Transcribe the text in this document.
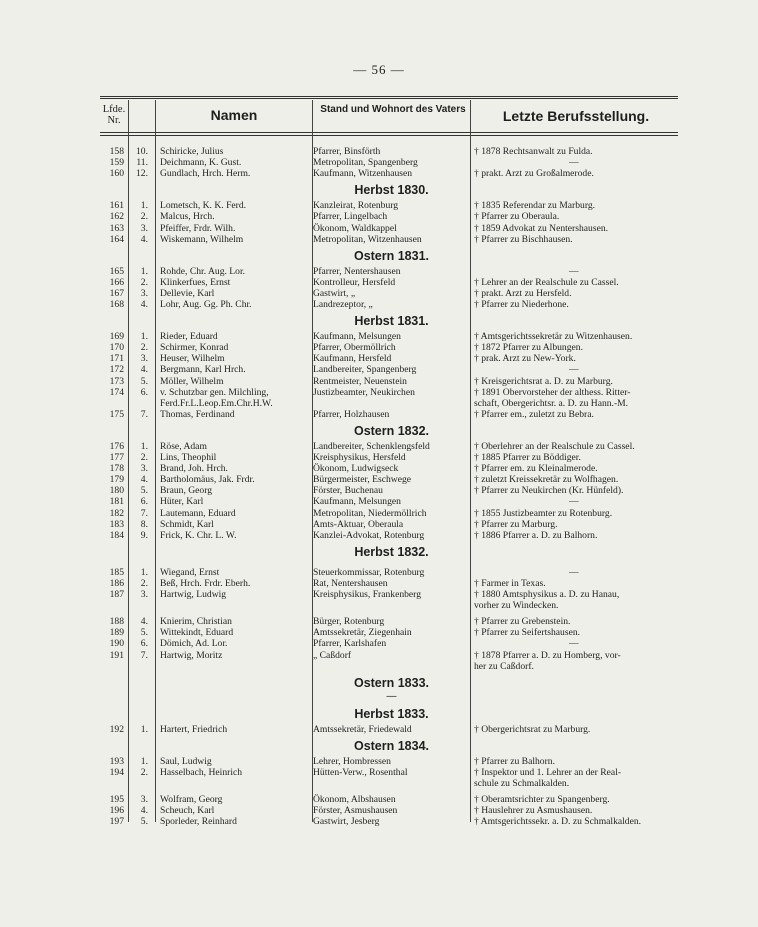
— 56 —
Lfde. Nr.	Namen	Stand und Wohnort des Vaters	Letzte Berufsstellung.
158	10. Schiricke, Julius	Pfarrer, Binsförth	† 1878 Rechtsanwalt zu Fulda.
159	11. Deichmann, K. Gust.	Metropolitan, Spangenberg	—
160	12. Gundlach, Hrch. Herm.	Kaufmann, Witzenhausen	† prakt. Arzt zu Großalmerode.
Herbst 1830.
161	1. Lometsch, K. K. Ferd.	Kanzleirat, Rotenburg	† 1835 Referendar zu Marburg.
162	2. Malcus, Hrch.	Pfarrer, Lingelbach	† Pfarrer zu Oberaula.
163	3. Pfeiffer, Frdr. Wilh.	Ökonom, Waldkappel	† 1859 Advokat zu Nentershausen.
164	4. Wiskemann, Wilhelm	Metropolitan, Witzenhausen	† Pfarrer zu Bischhausen.
Ostern 1831.
165	1. Rohde, Chr. Aug. Lor.	Pfarrer, Nentershausen	—
166	2. Klinkerfues, Ernst	Kontrolleur, Hersfeld	† Lehrer an der Realschule zu Cassel.
167	3. Dellevie, Karl	Gastwirt, „	† prakt. Arzt zu Hersfeld.
168	4. Lohr, Aug. Gg. Ph. Chr.	Landrezeptor, „	† Pfarrer zu Niederhone.
Herbst 1831.
169	1. Rieder, Eduard	Kaufmann, Melsungen	† Amtsgerichtssekretär zu Witzenhausen.
170	2. Schirmer, Konrad	Pfarrer, Obermöllrich	† 1872 Pfarrer zu Albungen.
171	3. Heuser, Wilhelm	Kaufmann, Hersfeld	† prak. Arzt zu New-York.
172	4. Bergmann, Karl Hrch.	Landbereiter, Spangenberg	—
173	5. Möller, Wilhelm	Rentmeister, Neuenstein	† Kreisgerichtsrat a. D. zu Marburg.
174	6. v. Schutzbar gen. Milchling,	Justizbeamter, Neukirchen	† 1891 Obervorsteher der althess. Ritter-
Ferd.Fr.L.Leop.Em.Chr.H.W.	schaft, Obergerichtsr. a. D. zu Hann.-M.
175	7. Thomas, Ferdinand	Pfarrer, Holzhausen	† Pfarrer em., zuletzt zu Bebra.
Ostern 1832.
176	1. Röse, Adam	Landbereiter, Schenklengsfeld	† Oberlehrer an der Realschule zu Cassel.
177	2. Lins, Theophil	Kreisphysikus, Hersfeld	† 1885 Pfarrer zu Böddiger.
178	3. Brand, Joh. Hrch.	Ökonom, Ludwigseck	† Pfarrer em. zu Kleinalmerode.
179	4. Bartholomäus, Jak. Frdr.	Bürgermeister, Eschwege	† zuletzt Kreissekretär zu Wolfhagen.
180	5. Braun, Georg	Förster, Buchenau	† Pfarrer zu Neukirchen (Kr. Hünfeld).
181	6. Hüter, Karl	Kaufmann, Melsungen	—
182	7. Lautemann, Eduard	Metropolitan, Niedermöllrich	† 1855 Justizbeamter zu Rotenburg.
183	8. Schmidt, Karl	Amts-Aktuar, Oberaula	† Pfarrer zu Marburg.
184	9. Frick, K. Chr. L. W.	Kanzlei-Advokat, Rotenburg	† 1886 Pfarrer a. D. zu Balhorn.
Herbst 1832.
185	1. Wiegand, Ernst	Steuerkommissar, Rotenburg	—
186	2. Beß, Hrch. Frdr. Eberh.	Rat, Nentershausen	† Farmer in Texas.
187	3. Hartwig, Ludwig	Kreisphysikus, Frankenberg	† 1880 Amtsphysikus a. D. zu Hanau,
vorher zu Windecken.
188	4. Knierim, Christian	Bürger, Rotenburg	† Pfarrer zu Grebenstein.
189	5. Wittekindt, Eduard	Amtssekretär, Ziegenhain	† Pfarrer zu Seifertshausen.
190	6. Dömich, Ad. Lor.	Pfarrer, Karlshafen	—
191	7. Hartwig, Moritz	„ Caßdorf	† 1878 Pfarrer a. D. zu Homberg, vor-
her zu Caßdorf.
Ostern 1833.
—
Herbst 1833.
192	1. Hartert, Friedrich	Amtssekretär, Friedewald	† Obergerichtsrat zu Marburg.
Ostern 1834.
193	1. Saul, Ludwig	Lehrer, Hombressen	† Pfarrer zu Balhorn.
194	2. Hasselbach, Heinrich	Hütten-Verw., Rosenthal	† Inspektor und 1. Lehrer an der Real-
schule zu Schmalkalden.
195	3. Wolfram, Georg	Ökonom, Albshausen	† Oberamtsrichter zu Spangenberg.
196	4. Scheuch, Karl	Förster, Asmushausen	† Hauslehrer zu Asmushausen.
197	5. Sporleder, Reinhard	Gastwirt, Jesberg	† Amtsgerichtssekr. a. D. zu Schmalkalden.
